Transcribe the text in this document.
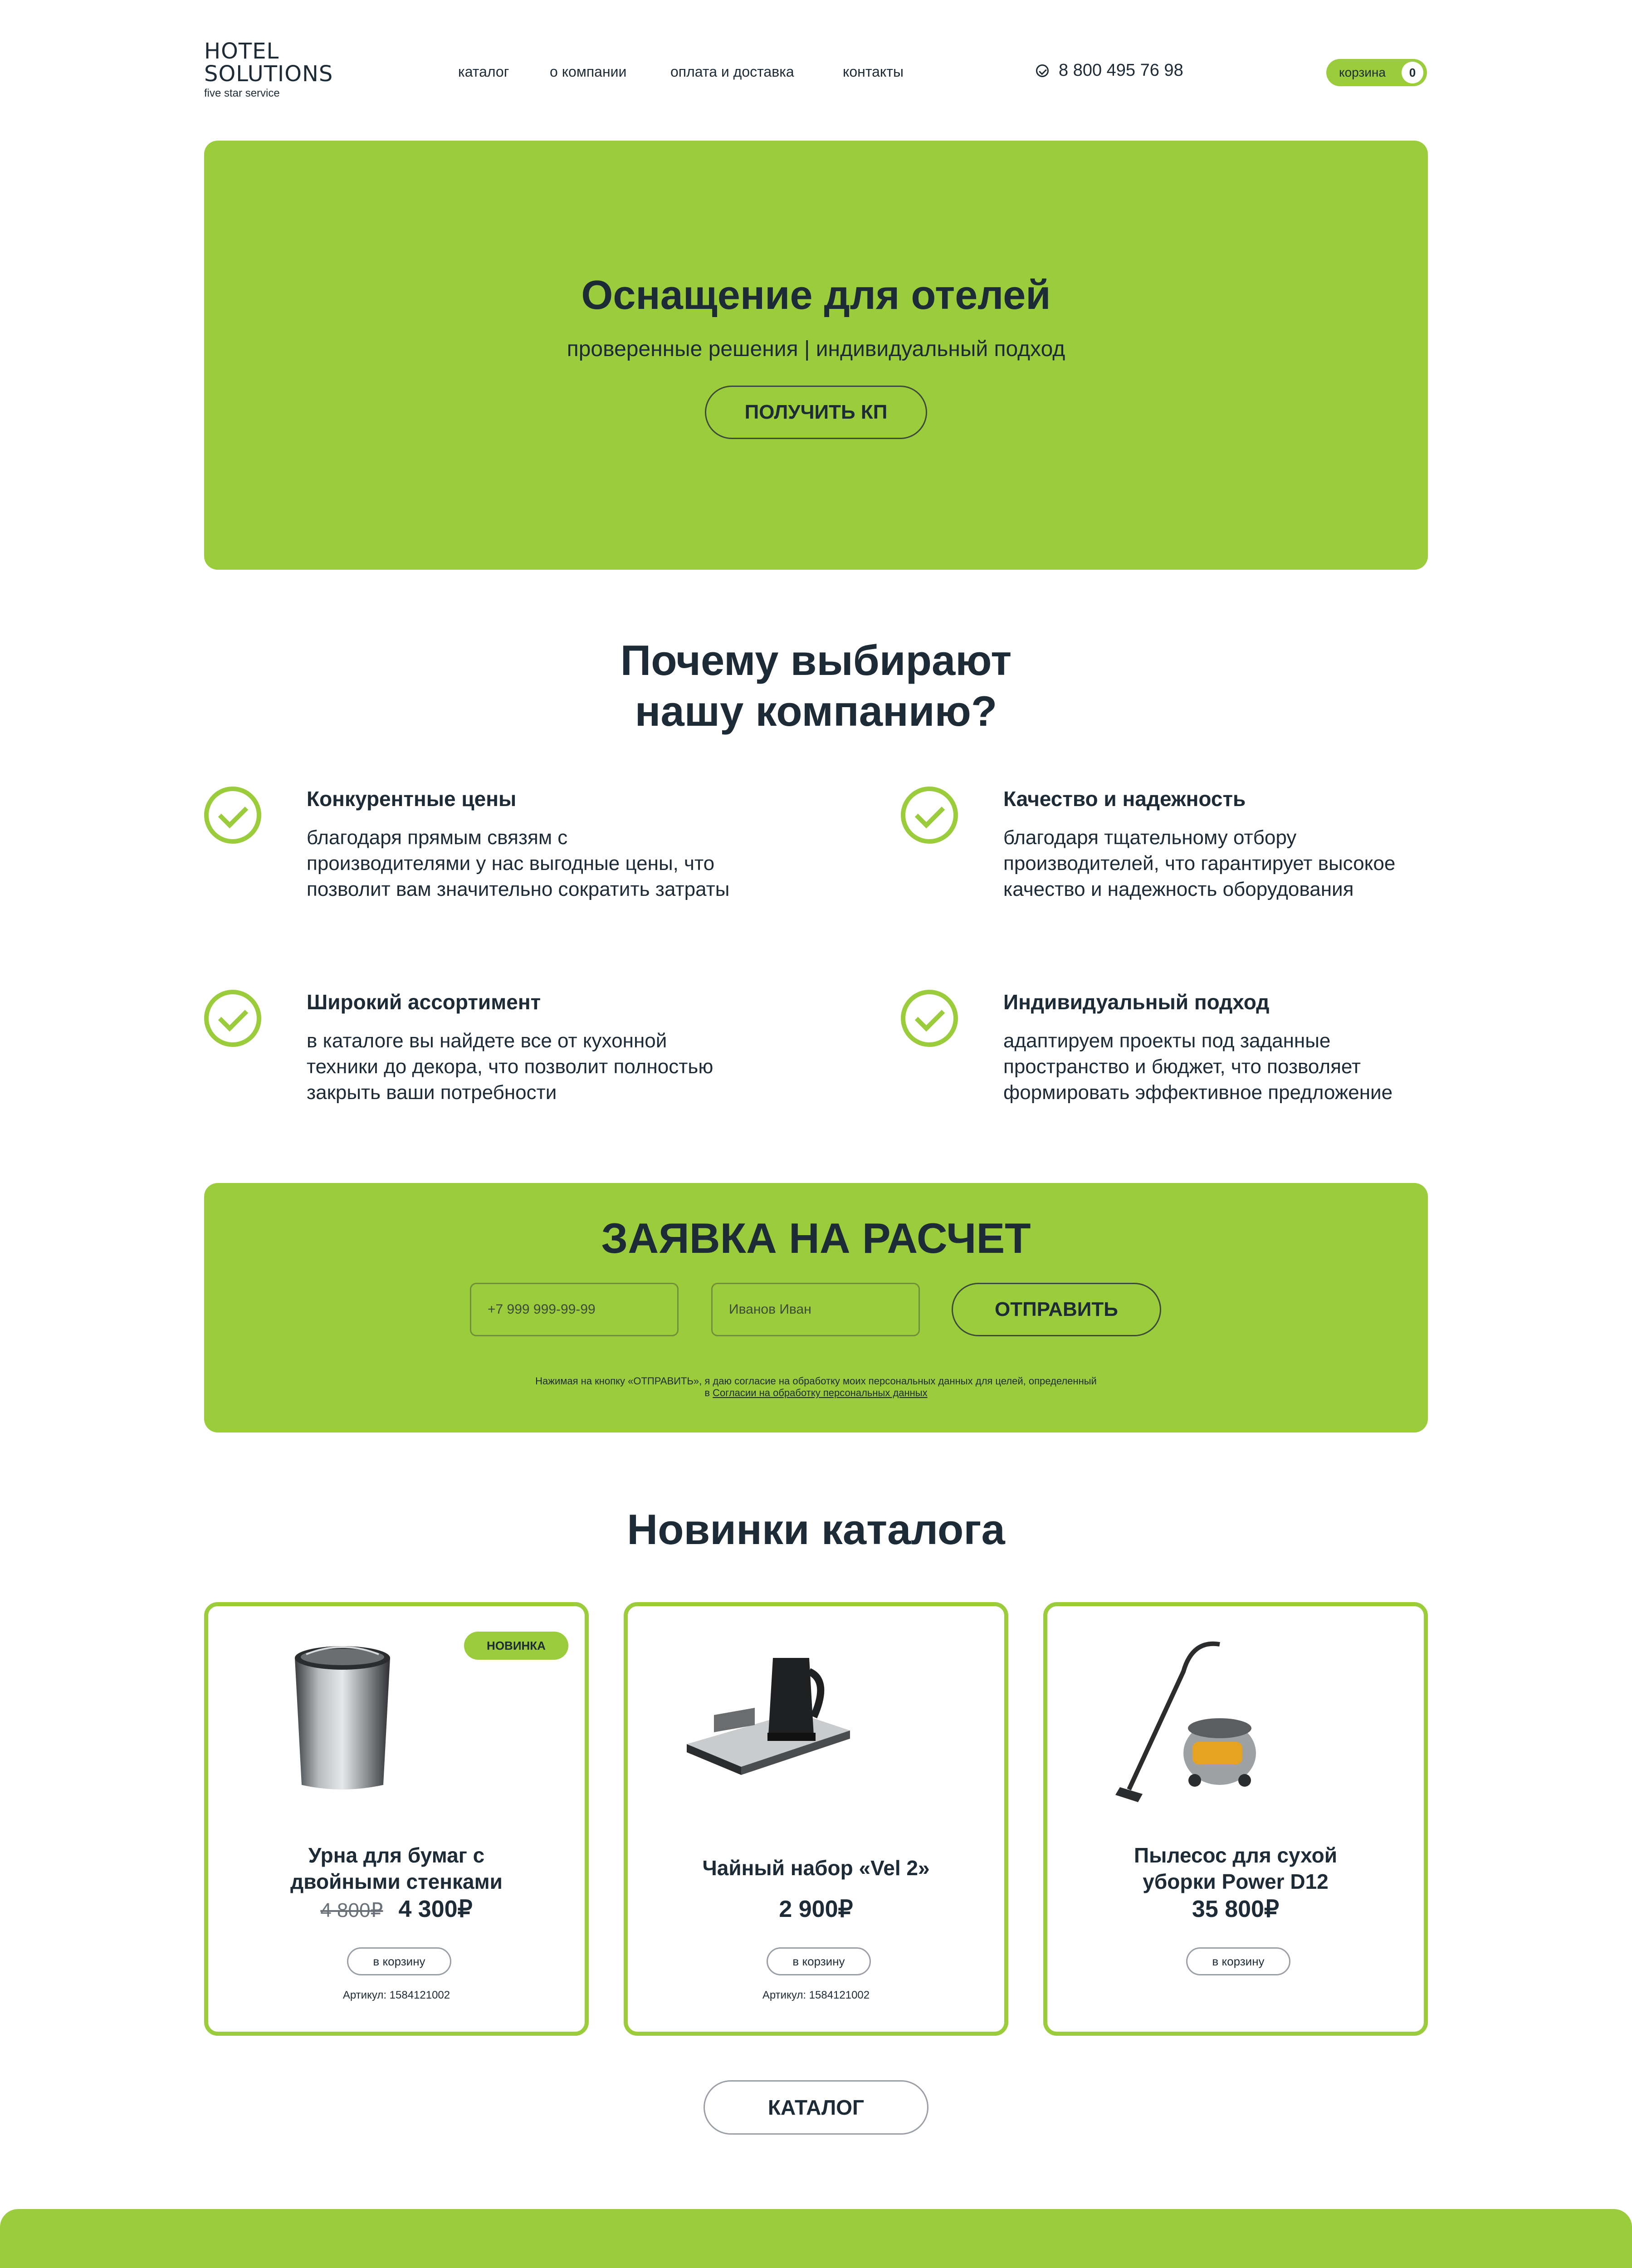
HOTEL
SOLUTIONS
five star service
каталог	о компании	оплата и доставка	контакты	8 800 495 76 98	корзина	0
Оснащение для отелей
проверенные решения | индивидуальный подход
ПОЛУЧИТЬ КП
Почему выбирают
нашу компанию?
Конкурентные цены
благодаря прямым связям с производителями у нас выгодные цены, что позволит вам значительно сократить затраты
Качество и надежность
благодаря тщательному отбору производителей, что гарантирует высокое качество и надежность оборудования
Широкий ассортимент
в каталоге вы найдете все от кухонной техники до декора, что позволит полностью закрыть ваши потребности
Индивидуальный подход
адаптируем проекты под заданные пространство и бюджет, что позволяет формировать эффективное предложение
ЗАЯВКА НА РАСЧЕТ
+7 999 999-99-99
Иванов Иван
ОТПРАВИТЬ
Нажимая на кнопку «ОТПРАВИТЬ», я даю согласие на обработку моих персональных данных для целей, определенный
в Согласии на обработку персональных данных
Новинки каталога
НОВИНКА
Урна для бумаг с
двойными стенками
4 800₽ 4 300₽
в корзину
Артикул: 1584121002
Чайный набор «Vel 2»
2 900₽
в корзину
Артикул: 1584121002
Пылесос для сухой
уборки Power D12
35 800₽
в корзину
КАТАЛОГ
